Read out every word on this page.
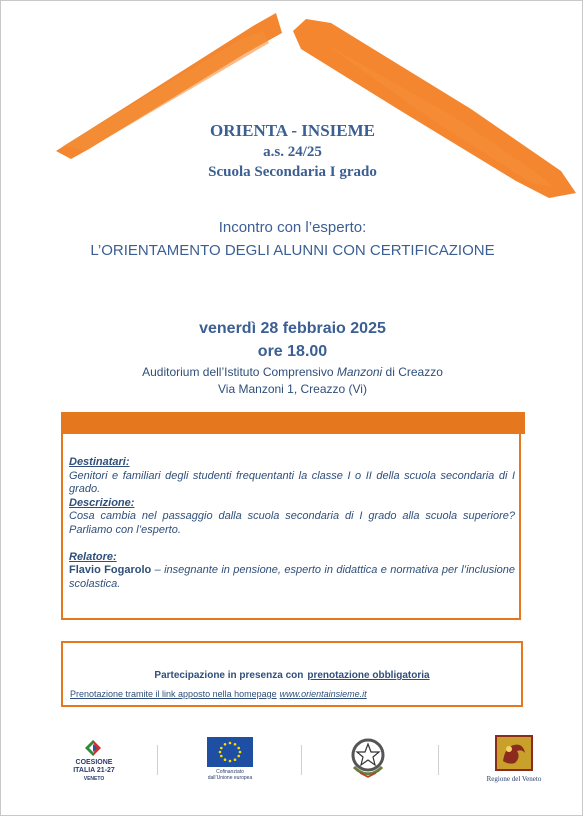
ORIENTA - INSIEME
a.s. 24/25
Scuola Secondaria I grado
Incontro con l’esperto:
L’ORIENTAMENTO DEGLI ALUNNI CON CERTIFICAZIONE
venerdì 28 febbraio 2025
ore 18.00
Auditorium dell’Istituto Comprensivo Manzoni di Creazzo
Via Manzoni 1, Creazzo (Vi)
Destinatari:

Genitori e familiari degli studenti frequentanti la classe I o II della scuola secondaria di I grado.

Descrizione:

Cosa cambia nel passaggio dalla scuola secondaria di I grado alla scuola superiore? Parliamo con l’esperto.

Relatore:

Flavio Fogarolo – insegnante in pensione, esperto in didattica e normativa per l’inclusione scolastica.

Partecipazione in presenza con prenotazione obbligatoria
Prenotazione tramite il link apposto nella homepage www.orientainsieme.it
COESIONE
ITALIA 21-27
VENETO
Cofinanziato
dall’Unione europea	Regione del Veneto
